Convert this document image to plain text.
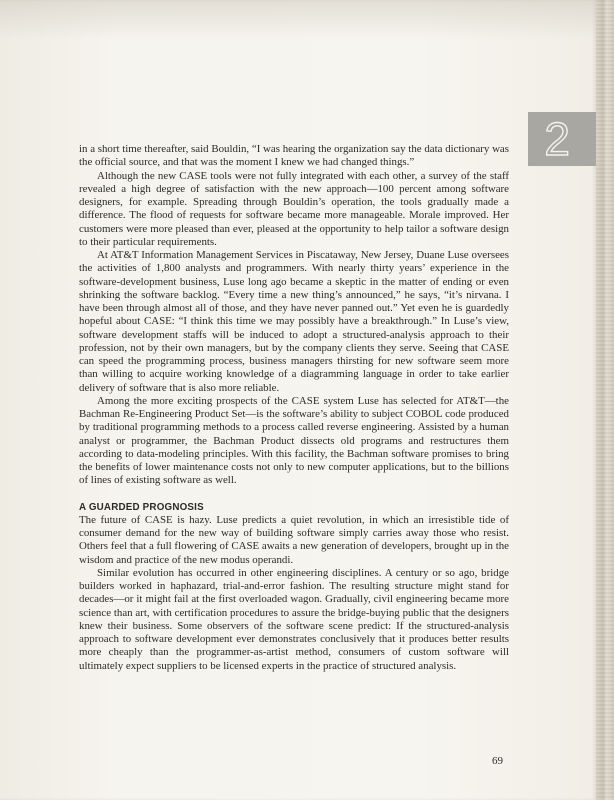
2

in a short time thereafter, said Bouldin, “I was hearing the organization say the data dictionary was the official source, and that was the moment I knew we had changed things.”

Although the new CASE tools were not fully integrated with each other, a survey of the staff revealed a high degree of satisfaction with the new approach—100 percent among software designers, for example. Spreading through Bouldin’s operation, the tools gradually made a difference. The flood of requests for software became more manageable. Morale improved. Her customers were more pleased than ever, pleased at the opportunity to help tailor a software design to their particular requirements.

At AT&T Information Management Services in Piscataway, New Jersey, Duane Luse oversees the activities of 1,800 analysts and programmers. With nearly thirty years’ experience in the software-development business, Luse long ago became a skeptic in the matter of ending or even shrinking the software backlog. “Every time a new thing’s announced,” he says, “it’s nirvana. I have been through almost all of those, and they have never panned out.” Yet even he is guardedly hopeful about CASE: “I think this time we may possibly have a breakthrough.” In Luse’s view, software development staffs will be induced to adopt a structured-analysis approach to their profession, not by their own managers, but by the company clients they serve. Seeing that CASE can speed the programming process, business managers thirsting for new software seem more than willing to acquire working knowledge of a diagramming language in order to take earlier delivery of software that is also more reliable.

Among the more exciting prospects of the CASE system Luse has selected for AT&T—the Bachman Re-Engineering Product Set—is the software’s ability to subject COBOL code produced by traditional programming methods to a process called reverse engineering. Assisted by a human analyst or programmer, the Bachman Product dissects old programs and restructures them according to data-modeling principles. With this facility, the Bachman software promises to bring the benefits of lower maintenance costs not only to new computer applications, but to the billions of lines of existing software as well.

A GUARDED PROGNOSIS

The future of CASE is hazy. Luse predicts a quiet revolution, in which an irresistible tide of consumer demand for the new way of building software simply carries away those who resist. Others feel that a full flowering of CASE awaits a new generation of developers, brought up in the wisdom and practice of the new modus operandi.

Similar evolution has occurred in other engineering disciplines. A century or so ago, bridge builders worked in haphazard, trial-and-error fashion. The resulting structure might stand for decades—or it might fail at the first overloaded wagon. Gradually, civil engineering became more science than art, with certification procedures to assure the bridge-buying public that the designers knew their business. Some observers of the software scene predict: If the structured-analysis approach to software development ever demonstrates conclusively that it produces better results more cheaply than the programmer-as-artist method, consumers of custom software will ultimately expect suppliers to be licensed experts in the practice of structured analysis.

69
